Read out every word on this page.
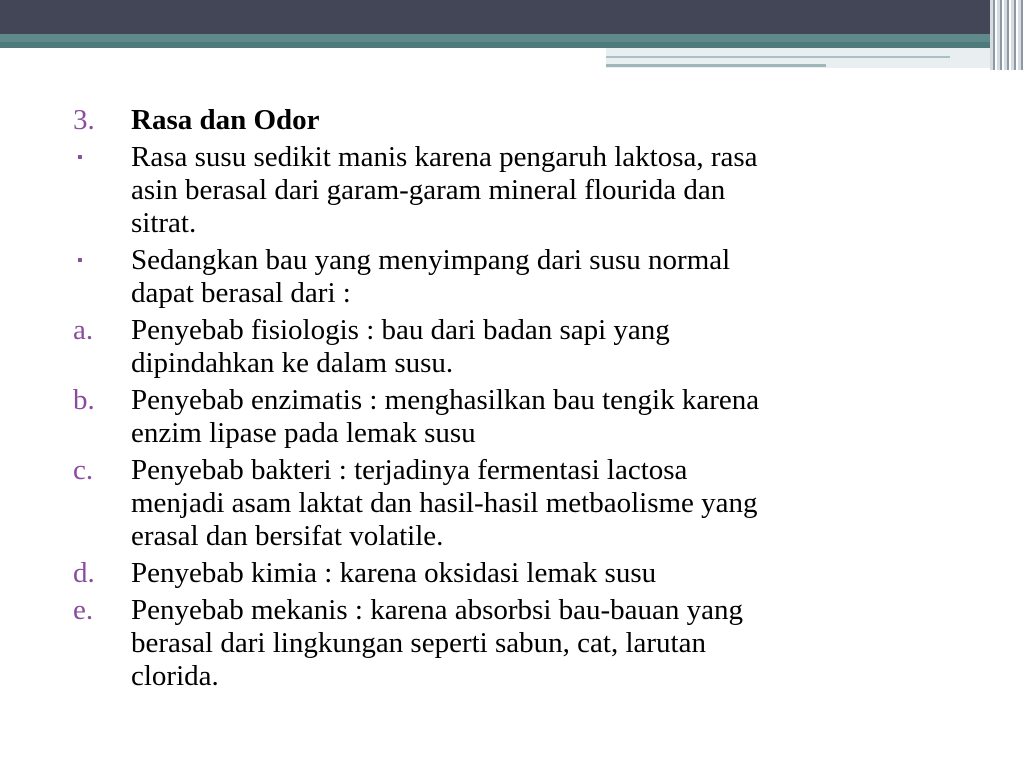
3.	Rasa dan Odor
▪	Rasa susu sedikit manis karena pengaruh laktosa, rasa
asin berasal dari garam-garam mineral flourida dan
sitrat.
▪	Sedangkan bau yang menyimpang dari susu normal
dapat berasal dari :
a.	Penyebab fisiologis : bau dari badan sapi yang
dipindahkan ke dalam susu.
b.	Penyebab enzimatis : menghasilkan bau tengik karena
enzim lipase pada lemak susu
c.	Penyebab bakteri : terjadinya fermentasi lactosa
menjadi asam laktat dan hasil-hasil metbaolisme yang
erasal dan bersifat volatile.
d.	Penyebab kimia : karena oksidasi lemak susu
e.	Penyebab mekanis : karena absorbsi bau-bauan yang
berasal dari lingkungan seperti sabun, cat, larutan
clorida.
